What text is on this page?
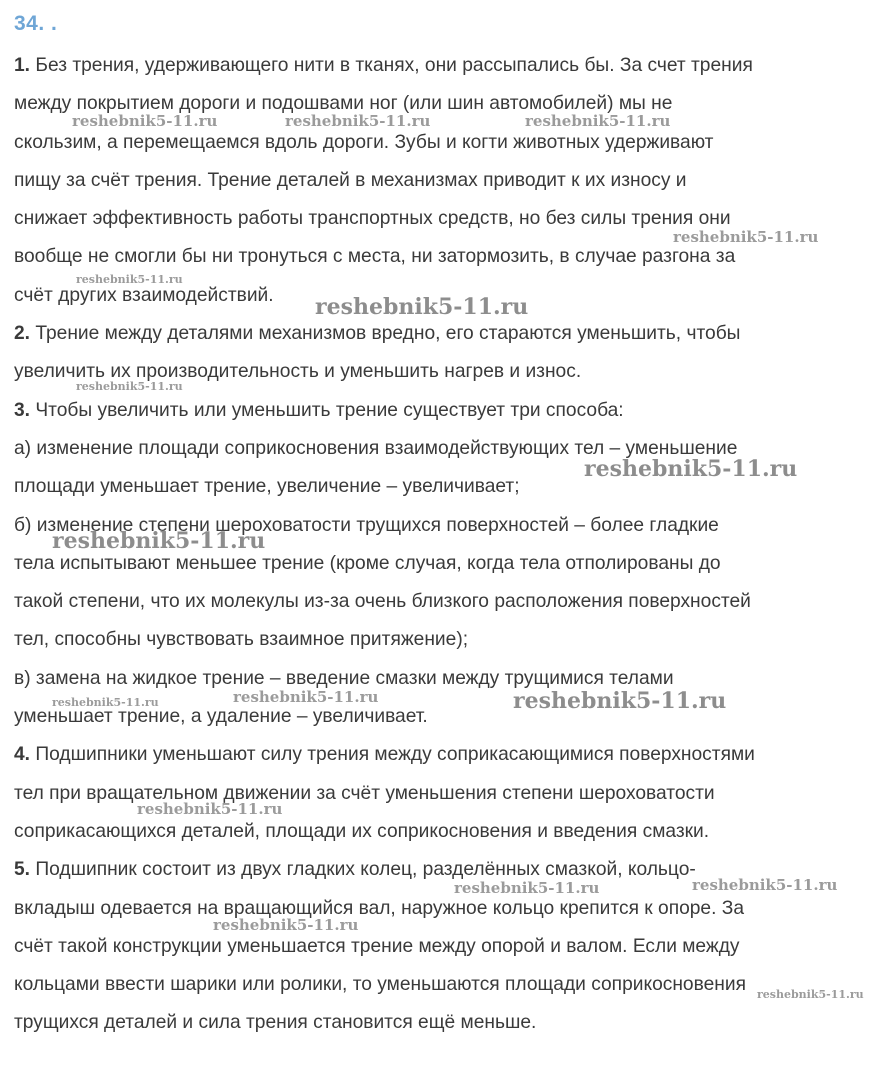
34. .
1. Без трения, удерживающего нити в тканях, они рассыпались бы. За счет трения
между покрытием дороги и подошвами ног (или шин автомобилей) мы не
скользим, а перемещаемся вдоль дороги. Зубы и когти животных удерживают
пищу за счёт трения. Трение деталей в механизмах приводит к их износу и
снижает эффективность работы транспортных средств, но без силы трения они
вообще не смогли бы ни тронуться с места, ни затормозить, в случае разгона за
счёт других взаимодействий.
2. Трение между деталями механизмов вредно, его стараются уменьшить, чтобы
увеличить их производительность и уменьшить нагрев и износ.
3. Чтобы увеличить или уменьшить трение существует три способа:
а) изменение площади соприкосновения взаимодействующих тел – уменьшение
площади уменьшает трение, увеличение – увеличивает;
б) изменение степени шероховатости трущихся поверхностей – более гладкие
тела испытывают меньшее трение (кроме случая, когда тела отполированы до
такой степени, что их молекулы из-за очень близкого расположения поверхностей
тел, способны чувствовать взаимное притяжение);
в) замена на жидкое трение – введение смазки между трущимися телами
уменьшает трение, а удаление – увеличивает.
4. Подшипники уменьшают силу трения между соприкасающимися поверхностями
тел при вращательном движении за счёт уменьшения степени шероховатости
соприкасающихся деталей, площади их соприкосновения и введения смазки.
5. Подшипник состоит из двух гладких колец, разделённых смазкой, кольцо-
вкладыш одевается на вращающийся вал, наружное кольцо крепится к опоре. За
счёт такой конструкции уменьшается трение между опорой и валом. Если между
кольцами ввести шарики или ролики, то уменьшаются площади соприкосновения
трущихся деталей и сила трения становится ещё меньше.
reshebnik5-11.ru	reshebnik5-11.ru	reshebnik5-11.ru
reshebnik5-11.ru
reshebnik5-11.ru
reshebnik5-11.ru
reshebnik5-11.ru
reshebnik5-11.ru
reshebnik5-11.ru
reshebnik5-11.ru	reshebnik5-11.ru	reshebnik5-11.ru
reshebnik5-11.ru
reshebnik5-11.ru	reshebnik5-11.ru
reshebnik5-11.ru
reshebnik5-11.ru
